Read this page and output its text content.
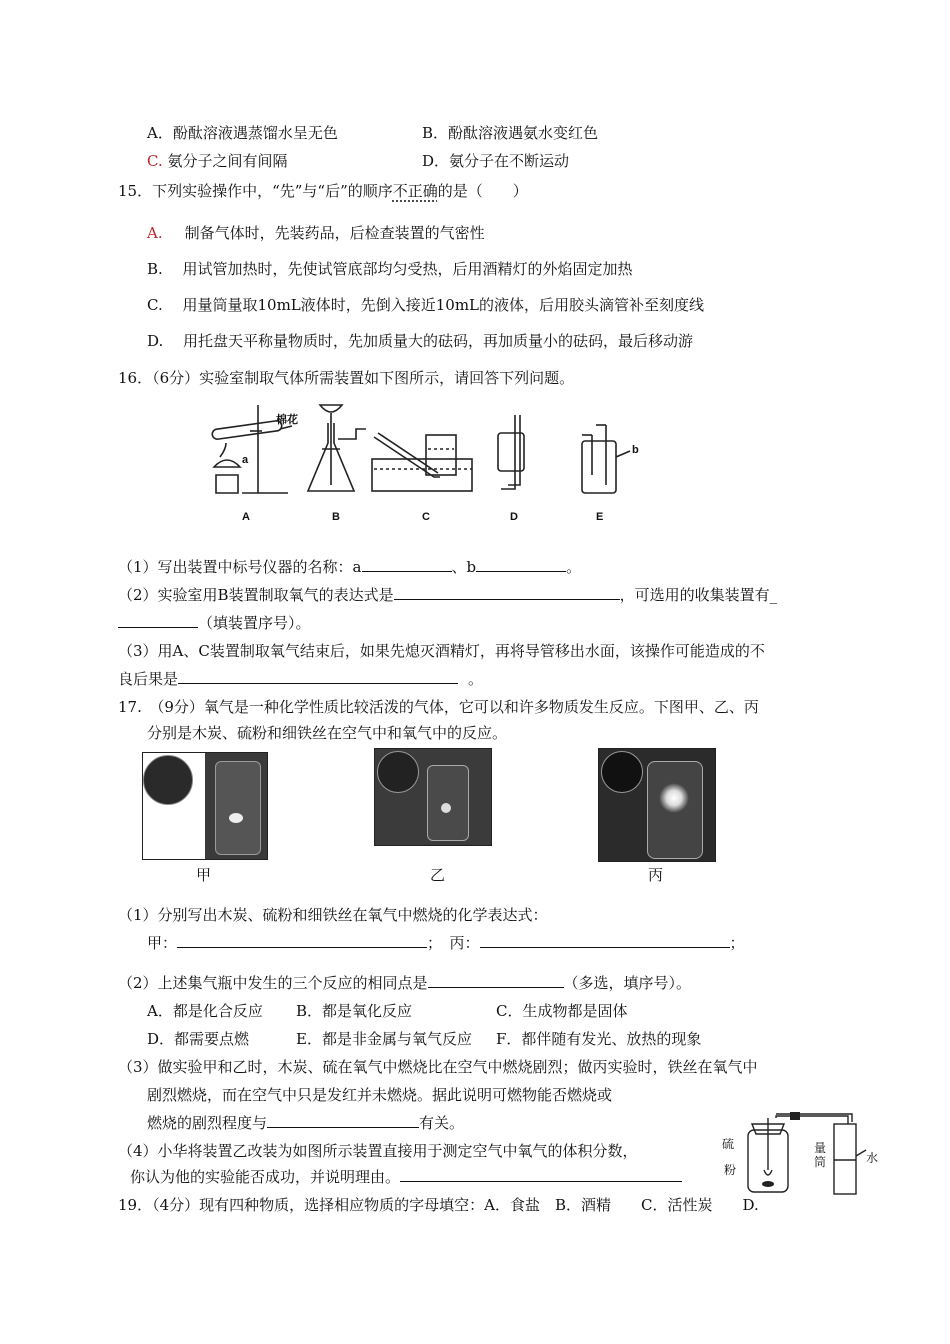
A．酚酞溶液遇蒸馏水呈无色	B．酚酞溶液遇氨水变红色
C. 氨分子之间有间隔	D．氨分子在不断运动
15．下列实验操作中，“先”与“后”的顺序不正确的是（　　）
A. 制备气体时，先装药品，后检查装置的气密性
B.　 用试管加热时，先使试管底部均匀受热，后用酒精灯的外焰固定加热
C.　 用量筒量取10mL液体时，先倒入接近10mL的液体，后用胶头滴管补至刻度线
D.　 用托盘天平称量物质时，先加质量大的砝码，再加质量小的砝码，最后移动游
16．（6分）实验室制取气体所需装置如下图所示，请回答下列问题。
a
棉花
b
A	B	C	D	E
（1）写出装置中标号仪器的名称：a	、b	。
（2）实验室用B装置制取氧气的表达式是	，可选用的收集装置有_
（填装置序号）。
（3）用A、C装置制取氧气结束后，如果先熄灭酒精灯，再将导管移出水面，该操作可能造成的不
良后果是	。
17.　（9分）氧气是一种化学性质比较活泼的气体，它可以和许多物质发生反应。下图甲、乙、丙
分别是木炭、硫粉和细铁丝在空气中和氧气中的反应。
甲	乙	丙
（1）分别写出木炭、硫粉和细铁丝在氧气中燃烧的化学表达式：
甲：	；　丙：	；
（2）上述集气瓶中发生的三个反应的相同点是	（多选，填序号）。
A．都是化合反应 B．都是氧化反应	C．生成物都是固体
D．都需要点燃	E．都是非金属与氧气反应 F．都伴随有发光、放热的现象
（3）做实验甲和乙时，木炭、硫在氧气中燃烧比在空气中燃烧剧烈；做丙实验时，铁丝在氧气中
剧烈燃烧，而在空气中只是发红并未燃烧。据此说明可燃物能否燃烧或
燃烧的剧烈程度与	有关。
（4）小华将装置乙改装为如图所示装置直接用于测定空气中氧气的体积分数，
你认为他的实验能否成功，并说明理由。
硫
粉
量
筒	水
19．（4分）现有四种物质，选择相应物质的字母填空：A．食盐　B．酒精　　C．活性炭　　D.
